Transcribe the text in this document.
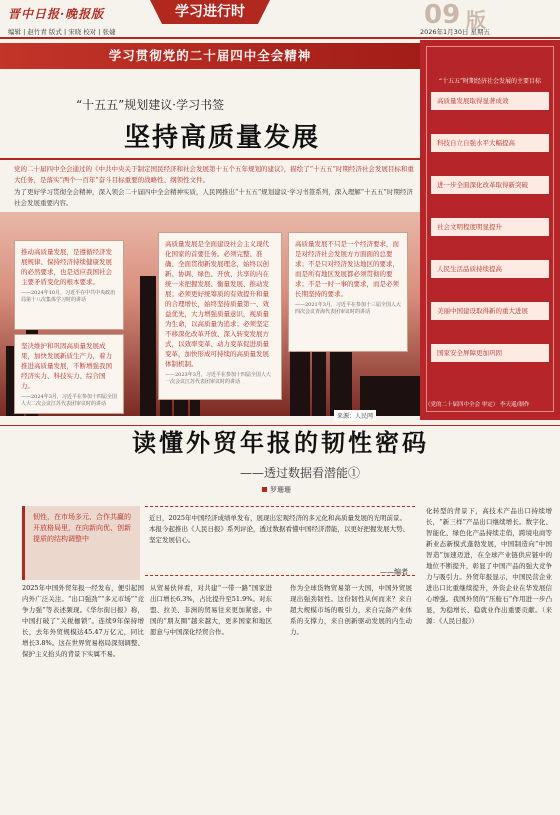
晋中日报·晚报版	学习进行时	09 版
编辑 | 赵竹青 版式 | 宋晓 校对 | 张婕	2026年1月30日 星期五
学习贯彻党的二十届四中全会精神
“十五五”规划建议·学习书签
坚持高质量发展
党的二十届四中全会通过的《中共中央关于制定国民经济和社会发展第十五个五年规划的建议》，描绘了“十五五”时期经济社会发展目标和重大任务，是落实“两个一百年”奋斗目标重要的战略性、纲领性文件。
为了更好学习贯彻全会精神，深入领会二十届四中全会精神实质，人民网推出“十五五”规划建议·学习书签系列，深入理解“十五五”时期经济社会发展重要内容。

推动高质量发展，是遵循经济发展规律、保持经济持续健康发展的必然要求，也是适应我国社会主要矛盾变化的根本要求。

——2024年10月，习近平在中共中央政治局第十八次集体学习时的讲话

坚决维护和巩固高质量发展成果，加快发展新质生产力，着力推进高质量发展，不断增强我国经济实力、科技实力、综合国力。

——2024年3月，习近平在参加十四届全国人大二次会议江苏代表团审议时的讲话

高质量发展是全面建设社会主义现代化国家的首要任务。必须完整、准确、全面贯彻新发展理念，始终以创新、协调、绿色、开放、共享的内在统一来把握发展、衡量发展、推动发展；必须更好统筹质的有效提升和量的合理增长，始终坚持质量第一、效益优先，大力增强质量意识，视质量为生命，以高质量为追求；必须坚定不移深化改革开放、深入转变发展方式，以效率变革、动力变革促进质量变革，加快形成可持续的高质量发展体制机制。

——2023年3月，习近平在参加十四届全国人大一次会议江苏代表团审议时的讲话

高质量发展不只是一个经济要求，而是对经济社会发展方方面面的总要求；不是只对经济发达地区的要求，而是所有地区发展都必须贯彻的要求；不是一时一事的要求，而是必须长期坚持的要求。

——2021年3月，习近平在参加十三届全国人大四次会议青海代表团审议时的讲话

来源：人民网
“十五五”时期经济社会发展的主要目标
高质量发展取得显著成效
科技自立自强水平大幅提高
进一步全面深化改革取得新突破
社会文明程度明显提升
人民生活品质持续提高
美丽中国建设取得新的重大进展
国家安全屏障更加巩固
（党的二十届四中全会 审定） 李天遥/制作
读懂外贸年报的韧性密码
——透过数据看潜能①
罗珊珊
韧性，在市场多元、合作共赢的开放格局里，在向新向优、创新提质的结构调整中
近日，2025年中国经济成绩单发布，展现出宏观经济的多元化和高质量发展的光明前景。本报今起推出《人民日报》系列评论，透过数据看懂中国经济潜能，以更好把握发展大势、坚定发展信心。
——编者
2025年中国外贸年报一经发布，便引起国内外广泛关注。“出口强劲”“多元市场”“竞争力强”等表述频现。《华尔街日报》称，中国打破了“关税枷锁”。连续9年保持增长，去年外贸规模达45.47万亿元，同比增长3.8%。这在世界贸易格局深刻调整、保护主义抬头的背景下实属不易。
从贸易伙伴看，对共建“一带一路”国家进出口增长6.3%，占比提升至51.9%。对东盟、拉美、非洲的贸易往来更加紧密。中国的“朋友圈”越来越大，更多国家和地区愿意与中国深化经贸合作。
作为全球货物贸易第一大国，中国外贸展现出强劲韧性。这份韧性从何而来？来自超大规模市场的吸引力，来自完备产业体系的支撑力，来自创新驱动发展的内生动力。
化转型的背景下，高技术产品出口持续增长，“新三样”产品出口继续增长。数字化、智能化、绿色化产品持续走俏，跨境电商等新业态新模式蓬勃发展，中国制造向“中国智造”加速迈进，在全球产业链供应链中的地位不断提升，彰显了中国产品的强大竞争力与吸引力。外贸年报显示，中国民营企业进出口比重继续提升，外资企业在华发展信心增强。我国外贸的“压舱石”作用进一步凸显，为稳增长、稳就业作出重要贡献。（来源：《人民日报》）
